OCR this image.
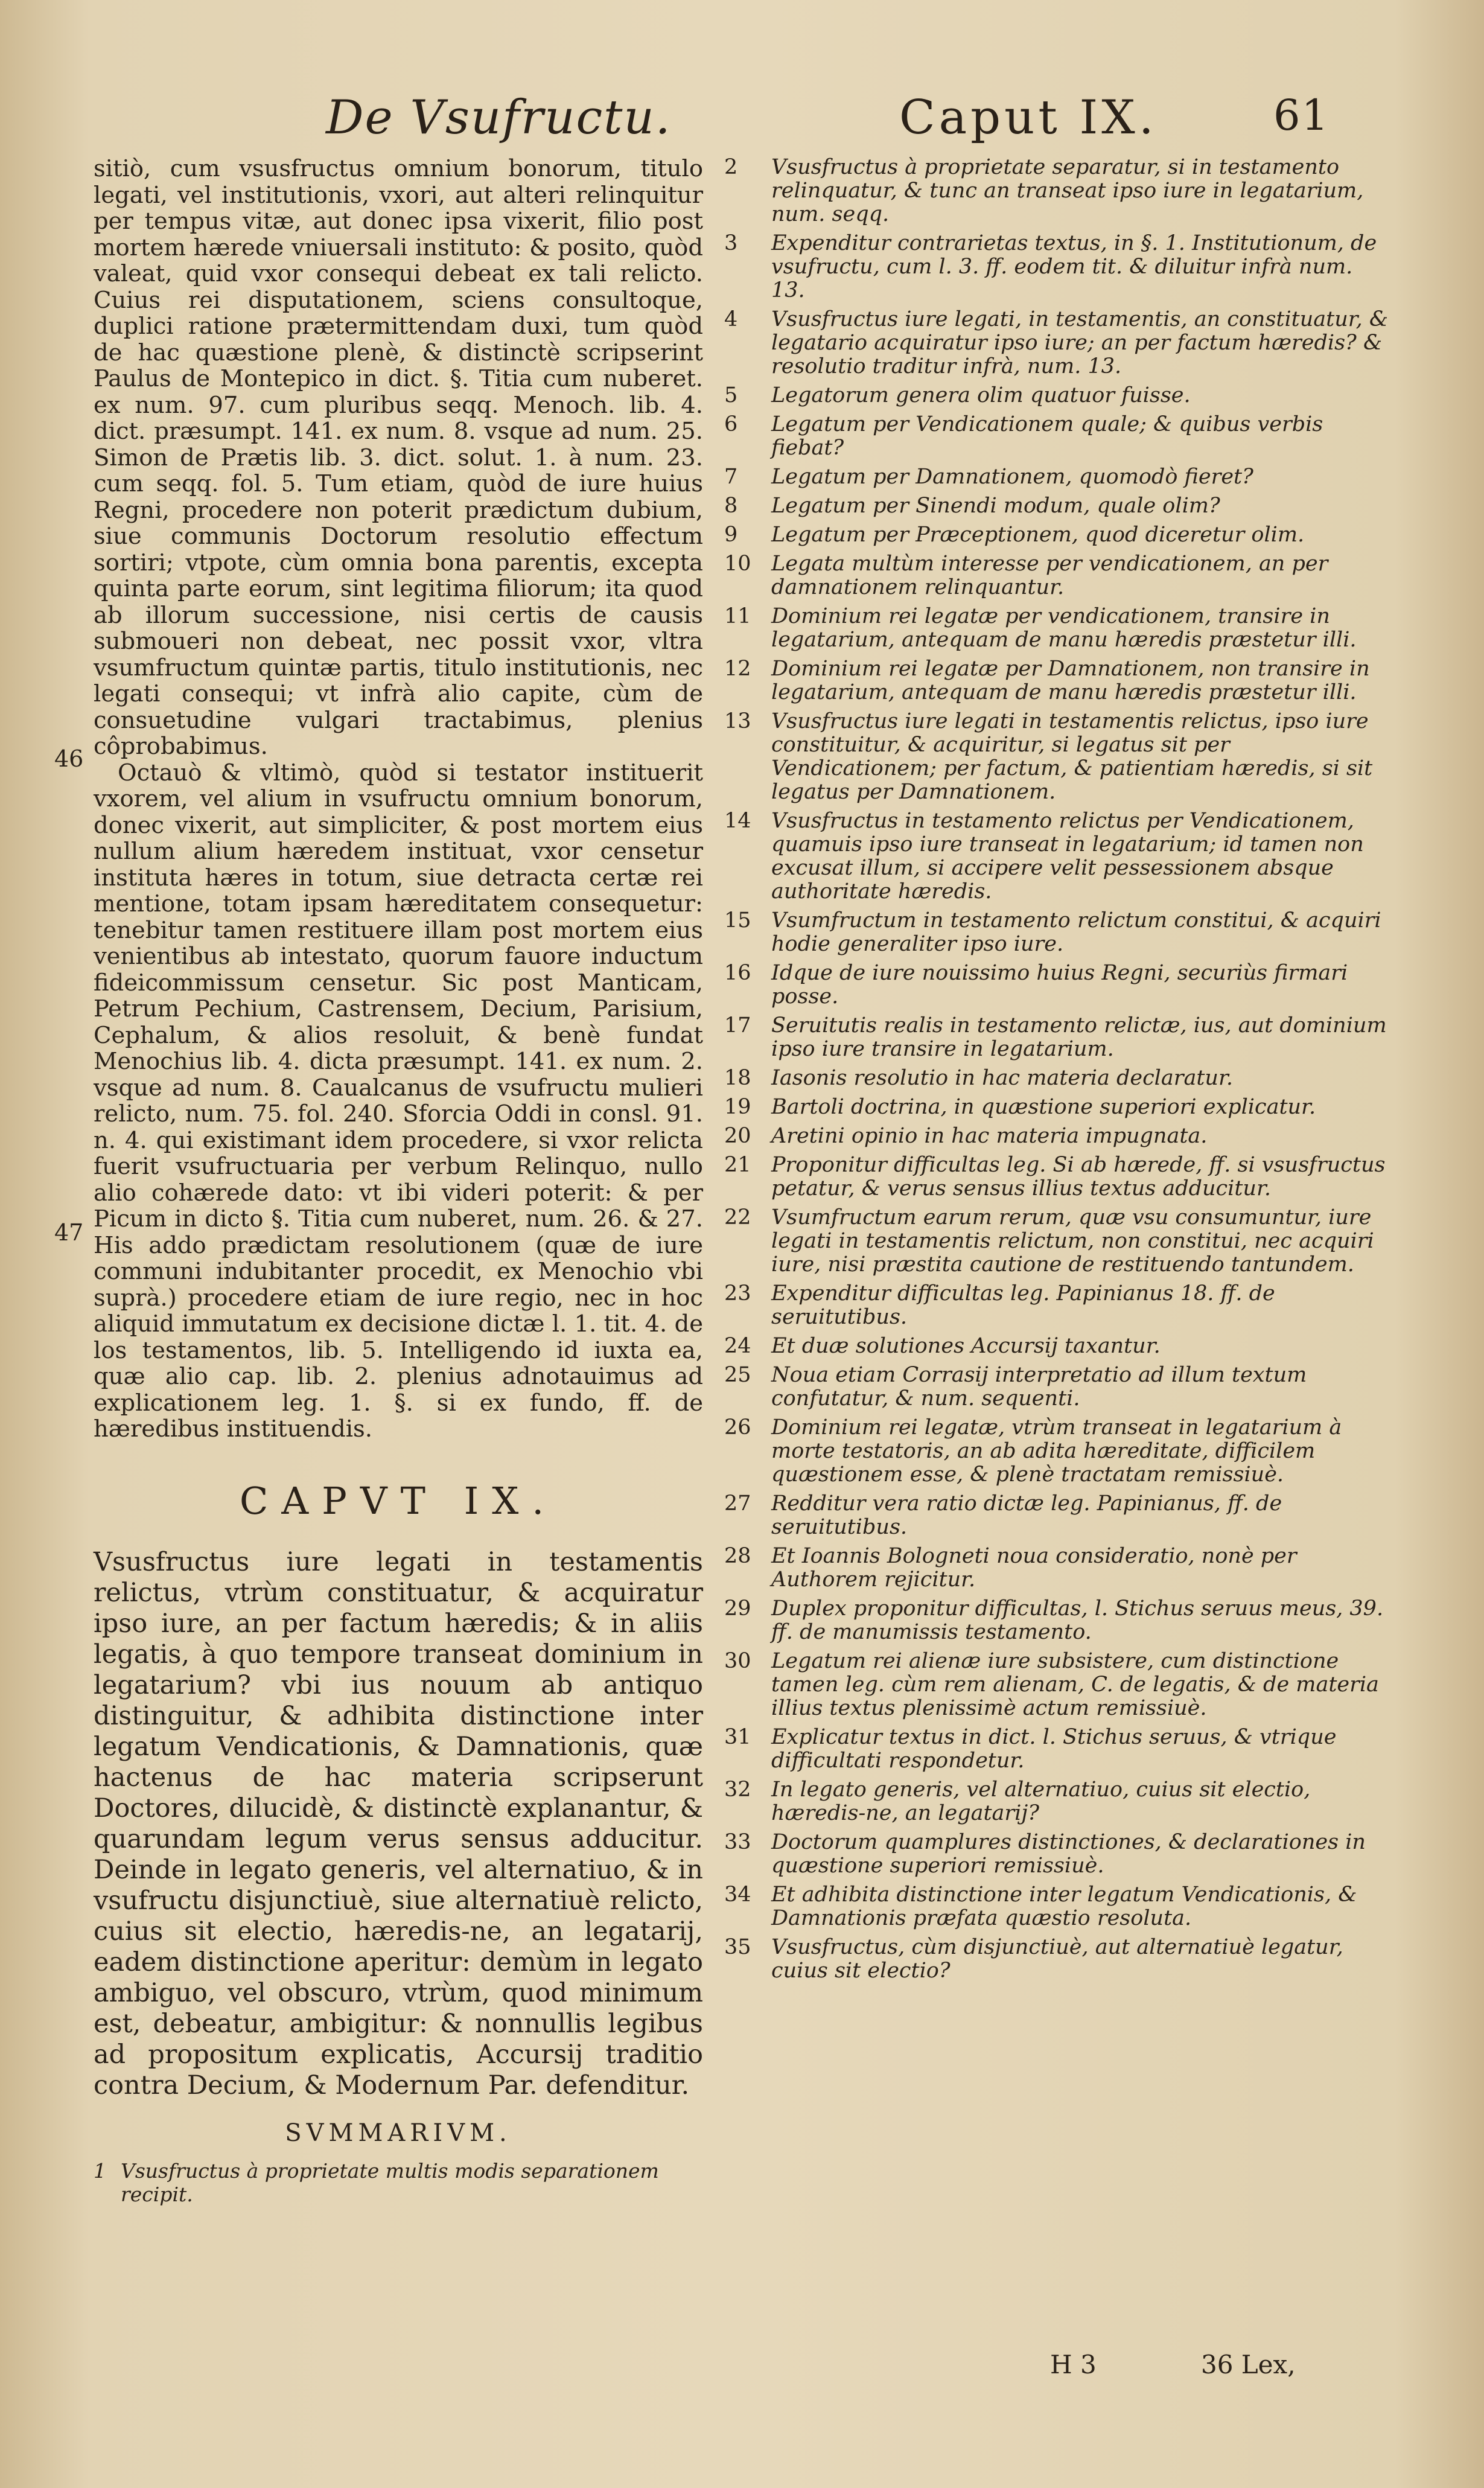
De Vsufructu.	Caput IX.	61
46
47

sitiò, cum vsusfructus omnium bonorum, titulo legati, vel institutionis, vxori, aut alteri relinquitur per tempus vitæ, aut donec ipsa vixerit, filio post mortem hærede vniuersali instituto: & posito, quòd valeat, quid vxor consequi debeat ex tali relicto. Cuius rei disputationem, sciens consultoque, duplici ratione prætermittendam duxi, tum quòd de hac quæstione plenè, & distinctè scripserint Paulus de Montepico in dict. §. Titia cum nuberet. ex num. 97. cum pluribus seqq. Menoch. lib. 4. dict. præsumpt. 141. ex num. 8. vsque ad num. 25. Simon de Prætis lib. 3. dict. solut. 1. à num. 23. cum seqq. fol. 5. Tum etiam, quòd de iure huius Regni, procedere non poterit prædictum dubium, siue communis Doctorum resolutio effectum sortiri; vtpote, cùm omnia bona parentis, excepta quinta parte eorum, sint legitima filiorum; ita quod ab illorum successione, nisi certis de causis submoueri non debeat, nec possit vxor, vltra vsumfructum quintæ partis, titulo institutionis, nec legati consequi; vt infrà alio capite, cùm de consuetudine vulgari tractabimus, plenius côprobabimus.

Octauò & vltimò, quòd si testator instituerit vxorem, vel alium in vsufructu omnium bonorum, donec vixerit, aut simpliciter, & post mortem eius nullum alium hæredem instituat, vxor censetur instituta hæres in totum, siue detracta certæ rei mentione, totam ipsam hæreditatem consequetur: tenebitur tamen restituere illam post mortem eius venientibus ab intestato, quorum fauore inductum fideicommissum censetur. Sic post Manticam, Petrum Pechium, Castrensem, Decium, Parisium, Cephalum, & alios resoluit, & benè fundat Menochius lib. 4. dicta præsumpt. 141. ex num. 2. vsque ad num. 8. Caualcanus de vsufructu mulieri relicto, num. 75. fol. 240. Sforcia Oddi in consl. 91. n. 4. qui existimant idem procedere, si vxor relicta fuerit vsufructuaria per verbum Relinquo, nullo alio cohærede dato: vt ibi videri poterit: & per Picum in dicto §. Titia cum nuberet, num. 26. & 27. His addo prædictam resolutionem (quæ de iure communi indubitanter procedit, ex Menochio vbi suprà.) procedere etiam de iure regio, nec in hoc aliquid immutatum ex decisione dictæ l. 1. tit. 4. de los testamentos, lib. 5. Intelligendo id iuxta ea, quæ alio cap. lib. 2. plenius adnotauimus ad explicationem leg. 1. §. si ex fundo, ff. de hæredibus instituendis.

CAPVT IX.

Vsusfructus iure legati in testamentis relictus, vtrùm constituatur, & acquiratur ipso iure, an per factum hæredis; & in aliis legatis, à quo tempore transeat dominium in legatarium? vbi ius nouum ab antiquo distinguitur, & adhibita distinctione inter legatum Vendicationis, & Damnationis, quæ hactenus de hac materia scripserunt Doctores, dilucidè, & distinctè explanantur, & quarundam legum verus sensus adducitur. Deinde in legato generis, vel alternatiuo, & in vsufructu disjunctiuè, siue alternatiuè relicto, cuius sit electio, hæredis-ne, an legatarij, eadem distinctione aperitur: demùm in legato ambiguo, vel obscuro, vtrùm, quod minimum est, debeatur, ambigitur: & nonnullis legibus ad propositum explicatis, Accursij traditio contra Decium, & Modernum Par. defenditur.

SVMMARIVM.
1 Vsusfructus à proprietate multis modis separationem recipit.
2	Vsusfructus à proprietate separatur, si in testamento relinquatur, & tunc an transeat ipso iure in legatarium, num. seqq.
3	Expenditur contrarietas textus, in §. 1. Institutionum, de vsufructu, cum l. 3. ff. eodem tit. & diluitur infrà num. 13.
4	Vsusfructus iure legati, in testamentis, an constituatur, & legatario acquiratur ipso iure; an per factum hæredis? & resolutio traditur infrà, num. 13.
5	Legatorum genera olim quatuor fuisse.
6	Legatum per Vendicationem quale; & quibus verbis fiebat?
7	Legatum per Damnationem, quomodò fieret?
8	Legatum per Sinendi modum, quale olim?
9	Legatum per Præceptionem, quod diceretur olim.
10 Legata multùm interesse per vendicationem, an per damnationem relinquantur.
11 Dominium rei legatæ per vendicationem, transire in legatarium, antequam de manu hæredis præstetur illi.
12 Dominium rei legatæ per Damnationem, non transire in legatarium, antequam de manu hæredis præstetur illi.
13 Vsusfructus iure legati in testamentis relictus, ipso iure constituitur, & acquiritur, si legatus sit per Vendicationem; per factum, & patientiam hæredis, si sit legatus per Damnationem.
14 Vsusfructus in testamento relictus per Vendicationem, quamuis ipso iure transeat in legatarium; id tamen non excusat illum, si accipere velit pessessionem absque authoritate hæredis.
15 Vsumfructum in testamento relictum constitui, & acquiri hodie generaliter ipso iure.
16 Idque de iure nouissimo huius Regni, securiùs firmari posse.
17 Seruitutis realis in testamento relictæ, ius, aut dominium ipso iure transire in legatarium.
18 Iasonis resolutio in hac materia declaratur.
19 Bartoli doctrina, in quæstione superiori explicatur.
20 Aretini opinio in hac materia impugnata.
21 Proponitur difficultas leg. Si ab hærede, ff. si vsusfructus petatur, & verus sensus illius textus adducitur.
22 Vsumfructum earum rerum, quæ vsu consumuntur, iure legati in testamentis relictum, non constitui, nec acquiri iure, nisi præstita cautione de restituendo tantundem.
23 Expenditur difficultas leg. Papinianus 18. ff. de seruitutibus.
24 Et duæ solutiones Accursij taxantur.
25 Noua etiam Corrasij interpretatio ad illum textum confutatur, & num. sequenti.
26 Dominium rei legatæ, vtrùm transeat in legatarium à morte testatoris, an ab adita hæreditate, difficilem quæstionem esse, & plenè tractatam remissiuè.
27 Redditur vera ratio dictæ leg. Papinianus, ff. de seruitutibus.
28 Et Ioannis Bologneti noua consideratio, nonè per Authorem rejicitur.
29 Duplex proponitur difficultas, l. Stichus seruus meus, 39. ff. de manumissis testamento.
30 Legatum rei alienæ iure subsistere, cum distinctione tamen leg. cùm rem alienam, C. de legatis, & de materia illius textus plenissimè actum remissiuè.
31 Explicatur textus in dict. l. Stichus seruus, & vtrique difficultati respondetur.
32 In legato generis, vel alternatiuo, cuius sit electio, hæredis-ne, an legatarij?
33 Doctorum quamplures distinctiones, & declarationes in quæstione superiori remissiuè.
34 Et adhibita distinctione inter legatum Vendicationis, & Damnationis præfata quæstio resoluta.
35 Vsusfructus, cùm disjunctiuè, aut alternatiuè legatur, cuius sit electio?
H 3	36 Lex,
